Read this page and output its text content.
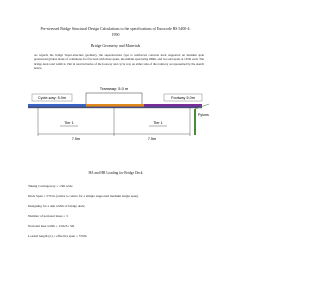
Pre-stressed Bridge Structural Design Calculations to the specifications of Eurocode BS 5400-4:
1990
Bridge Geometry and Materials
As regards the bridge Super-structure geometry, the superstructure type is reinforced concrete deck supported on medium span prestressed girders made of continuous for five lead with three spans, the middle span being 280m, and two end spans at 145m each. The bridge deck total width is 15m in total inclusive of the footway and cycle way on either side of the tramway as represented by the sketch below.
Tramway: 5.0 m
Cycle-way: 5.0m	Footway 5.0m
Pylons
Tier 1	Tier 1
7.5m	7.5m
HA and HB Loading for Bridge Deck
Taking Carriageway = 15m wide
Deck Span = 570 m (centre to centre for a simple supported medium single span)
Designing for a unit width of bridge deck;
Number of notional lanes = 3
Notional lane width = 15m/3= 5m
Loaded length (L) = effective span = 570m
